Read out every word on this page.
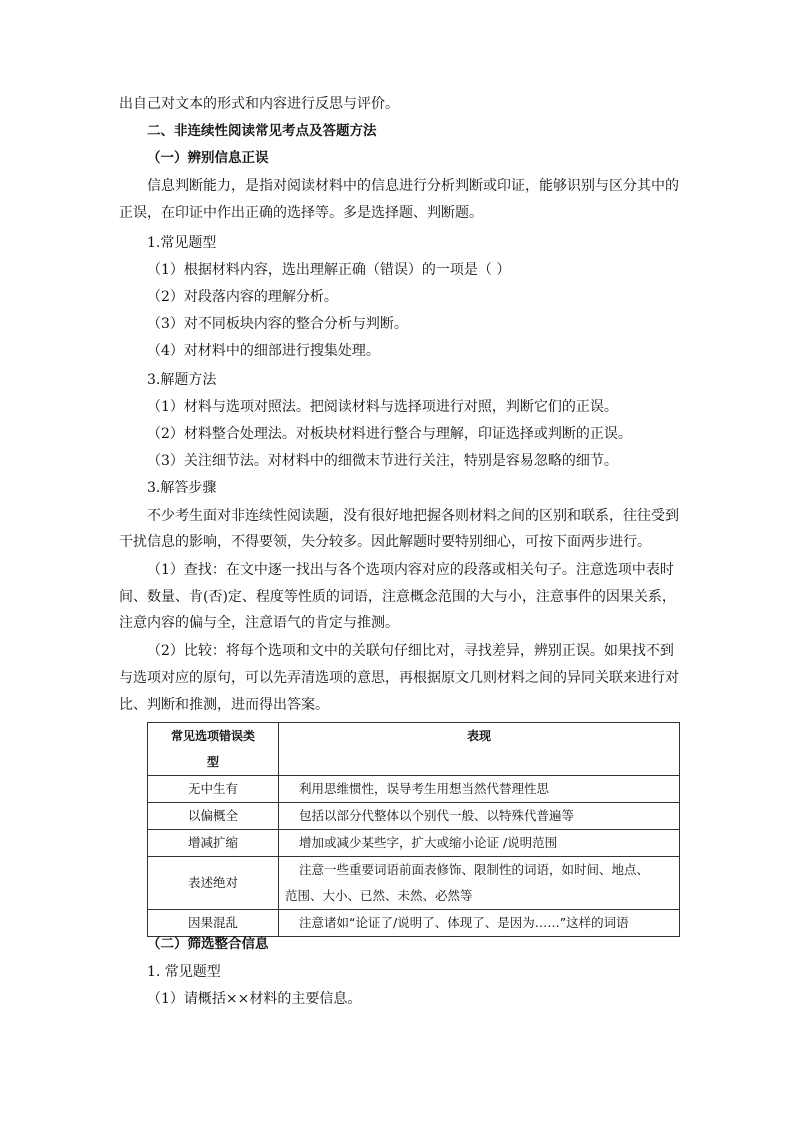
出自己对文本的形式和内容进行反思与评价。
二、非连续性阅读常见考点及答题方法
（一）辨别信息正误
信息判断能力，是指对阅读材料中的信息进行分析判断或印证，能够识别与区分其中的
正误，在印证中作出正确的选择等。多是选择题、判断题。
1.常见题型
（1）根据材料内容，选出理解正确（错误）的一项是（ ）
（2）对段落内容的理解分析。
（3）对不同板块内容的整合分析与判断。
（4）对材料中的细部进行搜集处理。
3.解题方法
（1）材料与选项对照法。把阅读材料与选择项进行对照，判断它们的正误。
（2）材料整合处理法。对板块材料进行整合与理解，印证选择或判断的正误。
（3）关注细节法。对材料中的细微末节进行关注，特别是容易忽略的细节。
3.解答步骤
不少考生面对非连续性阅读题，没有很好地把握各则材料之间的区别和联系，往往受到
干扰信息的影响，不得要领，失分较多。因此解题时要特别细心，可按下面两步进行。
（1）查找：在文中逐一找出与各个选项内容对应的段落或相关句子。注意选项中表时
间、数量、肯(否)定、程度等性质的词语，注意概念范围的大与小，注意事件的因果关系，
注意内容的偏与全，注意语气的肯定与推测。
（2）比较：将每个选项和文中的关联句仔细比对，寻找差异，辨别正误。如果找不到
与选项对应的原句，可以先弄清选项的意思，再根据原文几则材料之间的异同关联来进行对
比、判断和推测，进而得出答案。
常见选项错误类
型	表现
无中生有	利用思维惯性，误导考生用想当然代替理性思
以偏概全	包括以部分代整体以个别代一般、以特殊代普遍等
增减扩缩	增加或减少某些字，扩大或缩小论证 /说明范围
表述绝对	注意一些重要词语前面表修饰、限制性的词语，如时间、地点、
范围、大小、已然、未然、必然等

因果混乱	注意诸如“论证了/说明了、体现了、是因为……”这样的词语
（二）筛选整合信息
1. 常见题型
（1）请概括××材料的主要信息。
